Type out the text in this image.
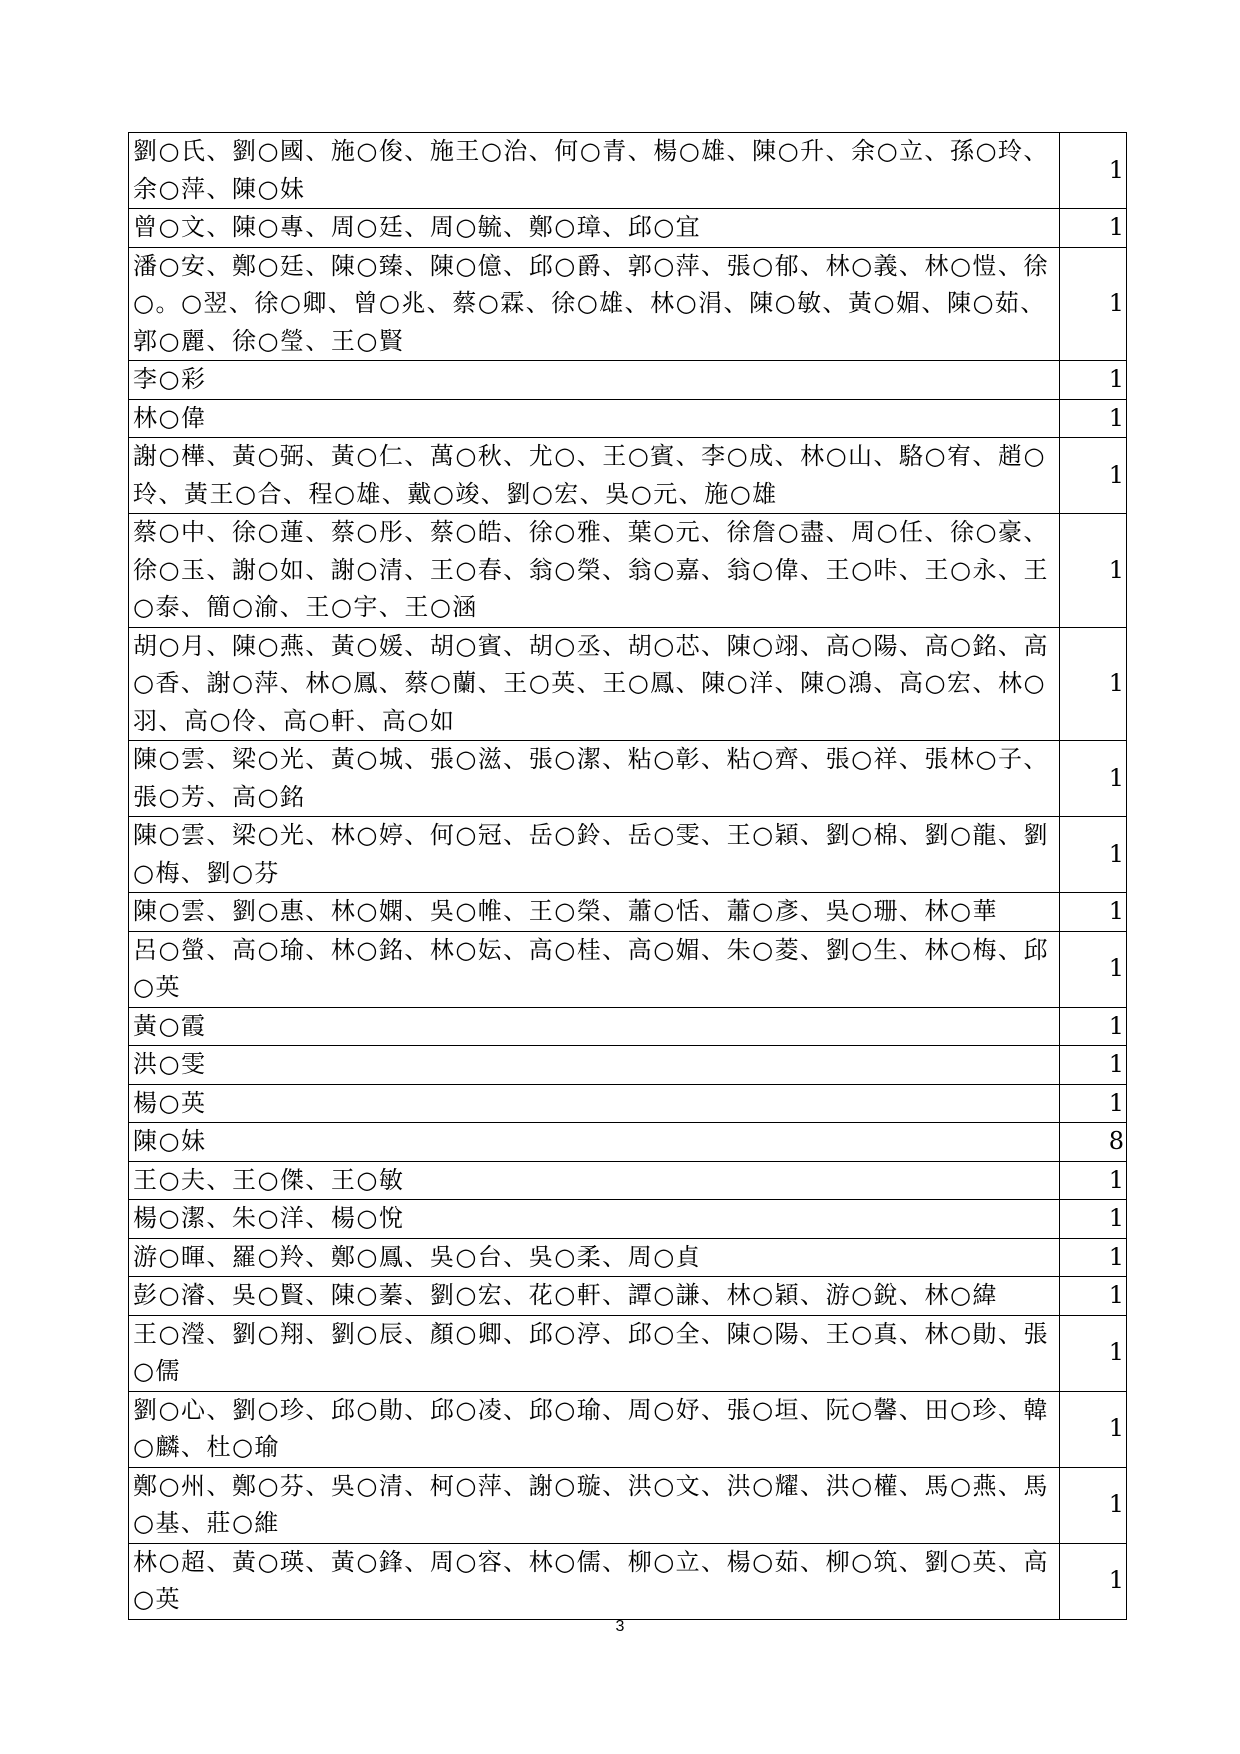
劉○氏、劉○國、施○俊、施王○治、何○青、楊○雄、陳○升、余○立、孫○玲、余○萍、陳○妹	1
曾○文、陳○專、周○廷、周○毓、鄭○璋、邱○宜	1
潘○安、鄭○廷、陳○臻、陳○億、邱○爵、郭○萍、張○郁、林○義、林○愷、徐○。○翌、徐○卿、曾○兆、蔡○霖、徐○雄、林○涓、陳○敏、黃○媚、陳○茹、郭○麗、徐○瑩、王○賢	1
李○彩	1
林○偉	1
謝○樺、黃○弼、黃○仁、萬○秋、尤○、王○賓、李○成、林○山、駱○宥、趙○玲、黃王○合、程○雄、戴○竣、劉○宏、吳○元、施○雄	1
蔡○中、徐○蓮、蔡○彤、蔡○皓、徐○雅、葉○元、徐詹○盡、周○任、徐○豪、徐○玉、謝○如、謝○清、王○春、翁○榮、翁○嘉、翁○偉、王○咔、王○永、王○泰、簡○渝、王○宇、王○涵	1
胡○月、陳○燕、黃○媛、胡○賓、胡○丞、胡○芯、陳○翊、高○陽、高○銘、高○香、謝○萍、林○鳳、蔡○蘭、王○英、王○鳳、陳○洋、陳○鴻、高○宏、林○羽、高○伶、高○軒、高○如	1
陳○雲、梁○光、黃○城、張○滋、張○潔、粘○彰、粘○齊、張○祥、張林○子、張○芳、高○銘	1
陳○雲、梁○光、林○婷、何○冠、岳○鈴、岳○雯、王○穎、劉○棉、劉○龍、劉○梅、劉○芬	1
陳○雲、劉○惠、林○嫻、吳○帷、王○榮、蕭○恬、蕭○彥、吳○珊、林○華	1
呂○螢、高○瑜、林○銘、林○妘、高○桂、高○媚、朱○菱、劉○生、林○梅、邱○英	1
黃○霞	1
洪○雯	1
楊○英	1
陳○妹	8
王○夫、王○傑、王○敏	1
楊○潔、朱○洋、楊○悅	1
游○暉、羅○羚、鄭○鳳、吳○台、吳○柔、周○貞	1
彭○濬、吳○賢、陳○蓁、劉○宏、花○軒、譚○謙、林○穎、游○銳、林○緯	1
王○瀅、劉○翔、劉○辰、顏○卿、邱○渟、邱○全、陳○陽、王○真、林○勛、張○儒	1
劉○心、劉○珍、邱○勛、邱○凌、邱○瑜、周○妤、張○垣、阮○馨、田○珍、韓○麟、杜○瑜	1
鄭○州、鄭○芬、吳○清、柯○萍、謝○璇、洪○文、洪○耀、洪○權、馬○燕、馬○基、莊○維	1
林○超、黃○瑛、黃○鋒、周○容、林○儒、柳○立、楊○茹、柳○筑、劉○英、高○英	1
3
